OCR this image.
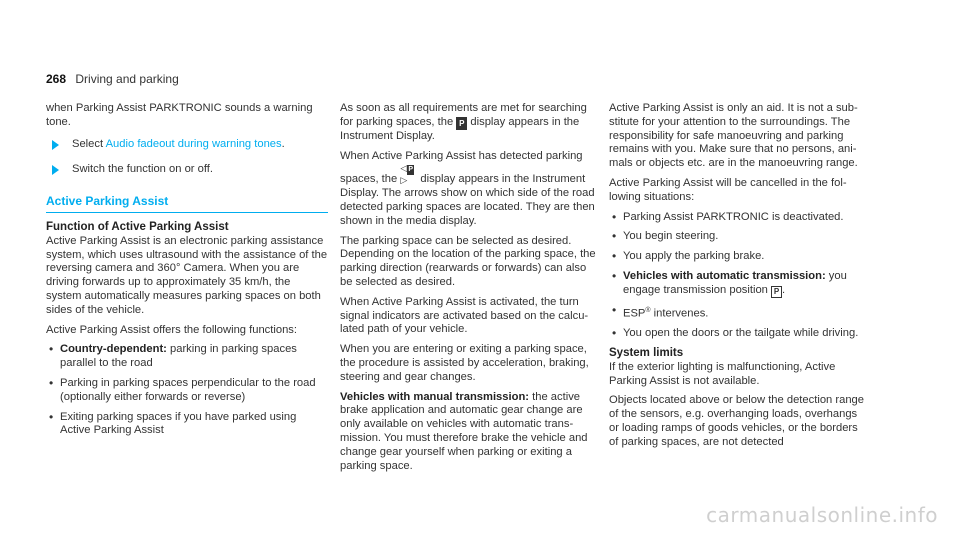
268 Driving and parking

when Parking Assist PARKTRONIC sounds a warning tone.

Select Audio fadeout during warning tones.
Switch the function on or off.
Active Parking Assist
Function of Active Parking Assist

Active Parking Assist is an electronic parking assistance system, which uses ultrasound with the assistance of the reversing camera and 360° Camera. When you are driving forwards up to approximately 35 km/h, the system automatically measures parking spaces on both sides of the vehicle.

Active Parking Assist offers the following functions:

• Country-dependent: parking in parking spaces parallel to the road
• Parking in parking spaces perpendicular to the road (optionally either forwards or reverse)
• Exiting parking spaces if you have parked using Active Parking Assist

As soon as all requirements are met for searching for parking spaces, the P display appears in the Instrument Display.

When Active Parking Assist has detected parking spaces, the ◁P▷ display appears in the Instrument Display. The arrows show on which side of the road detected parking spaces are located. They are then shown in the media display.

The parking space can be selected as desired. Depending on the location of the parking space, the parking direction (rearwards or forwards) can also be selected as desired.

When Active Parking Assist is activated, the turn signal indicators are activated based on the calculated path of your vehicle.

When you are entering or exiting a parking space, the procedure is assisted by acceleration, braking, steering and gear changes.

Vehicles with manual transmission: the active brake application and automatic gear change are only available on vehicles with automatic transmission. You must therefore brake the vehicle and change gear yourself when parking or exiting a parking space.

Active Parking Assist is only an aid. It is not a substitute for your attention to the surroundings. The responsibility for safe manoeuvring and parking remains with you. Make sure that no persons, animals or objects etc. are in the manoeuvring range.

Active Parking Assist will be cancelled in the following situations:

• Parking Assist PARKTRONIC is deactivated.
• You begin steering.
• You apply the parking brake.
• Vehicles with automatic transmission: you engage transmission position P .
• ESP® intervenes.
• You open the doors or the tailgate while driving.
System limits

If the exterior lighting is malfunctioning, Active Parking Assist is not available.

Objects located above or below the detection range of the sensors, e.g. overhanging loads, overhangs or loading ramps of goods vehicles, or the borders of parking spaces, are not detected

carmanualsonline.info
